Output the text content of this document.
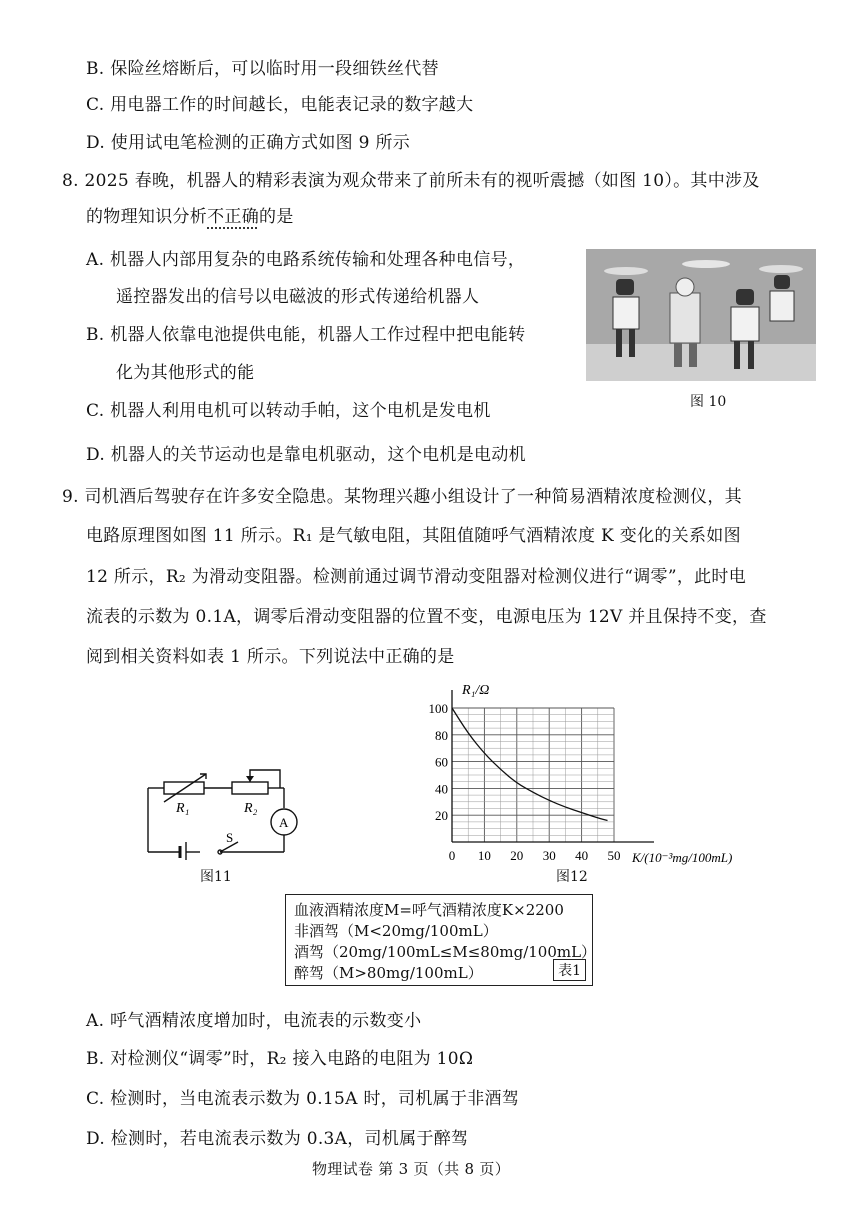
B. 保险丝熔断后，可以临时用一段细铁丝代替
C. 用电器工作的时间越长，电能表记录的数字越大
D. 使用试电笔检测的正确方式如图 9 所示
8. 2025 春晚，机器人的精彩表演为观众带来了前所未有的视听震撼（如图 10）。其中涉及
的物理知识分析不正确的是
A. 机器人内部用复杂的电路系统传输和处理各种电信号，
遥控器发出的信号以电磁波的形式传递给机器人
B. 机器人依靠电池提供电能，机器人工作过程中把电能转
化为其他形式的能
C. 机器人利用电机可以转动手帕，这个电机是发电机
D. 机器人的关节运动也是靠电机驱动，这个电机是电动机
图 10
9. 司机酒后驾驶存在许多安全隐患。某物理兴趣小组设计了一种简易酒精浓度检测仪，其
电路原理图如图 11 所示。R₁ 是气敏电阻，其阻值随呼气酒精浓度 K 变化的关系如图
12 所示，R₂ 为滑动变阻器。检测前通过调节滑动变阻器对检测仪进行“调零”，此时电
流表的示数为 0.1A，调零后滑动变阻器的位置不变，电源电压为 12V 并且保持不变，查
阅到相关资料如表 1 所示。下列说法中正确的是
R₁	R₂
A
S
图11
0 10 20 30 40 50
20
40
60
80
100
R₁/Ω
K/(10⁻³mg/100mL)
图12
血液酒精浓度M=呼气酒精浓度K×2200
非酒驾（M<20mg/100mL）
酒驾（20mg/100mL≤M≤80mg/100mL）
醉驾（M>80mg/100mL）	表1
A. 呼气酒精浓度增加时，电流表的示数变小
B. 对检测仪“调零”时，R₂ 接入电路的电阻为 10Ω
C. 检测时，当电流表示数为 0.15A 时，司机属于非酒驾
D. 检测时，若电流表示数为 0.3A，司机属于醉驾
物理试卷 第 3 页（共 8 页）
